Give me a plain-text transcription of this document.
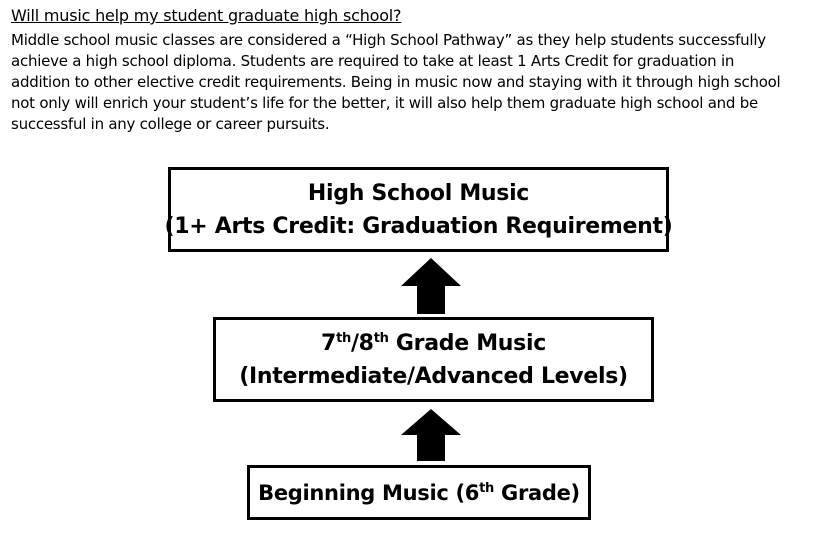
Will music help my student graduate high school?
Middle school music classes are considered a “High School Pathway” as they help students successfully
achieve a high school diploma. Students are required to take at least 1 Arts Credit for graduation in
addition to other elective credit requirements. Being in music now and staying with it through high school
not only will enrich your student’s life for the better, it will also help them graduate high school and be
successful in any college or career pursuits.
High School Music
(1+ Arts Credit: Graduation Requirement)
7th/8th Grade Music
(Intermediate/Advanced Levels)
Beginning Music (6th Grade)
